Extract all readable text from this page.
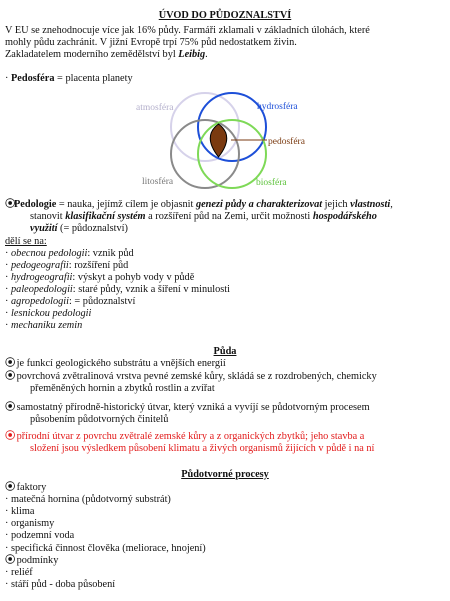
ÚVOD DO PŮDOZNALSTVÍ
V EU se znehodnocuje více jak 16% půdy. Farmáři zklamali v základních úlohách, které
mohly půdu zachránit. V jižní Evropě trpí 75% půd nedostatkem živin.
Zakladatelem moderního zemědělství byl Leibig.
· Pedosféra = placenta planety
atmosféra	hydrosféra
pedosféra
litosféra	biosféra
⦿Pedologie = nauka, jejímž cílem je objasnit genezi půdy a charakterizovat jejich vlastnosti,
stanovit klasifikační systém a rozšíření půd na Zemi, určit možnosti hospodářského
využití (= půdoznalství)
dělí se na:
· obecnou pedologii: vznik půd
· pedogeografii: rozšíření půd
· hydrogeografii: výskyt a pohyb vody v půdě
· paleopedologii: staré půdy, vznik a šíření v minulosti
· agropedologii: = půdoznalství
· lesnickou pedologii
· mechaniku zemin
Půda
⦿ je funkcí geologického substrátu a vnějších energií
⦿ povrchová zvětralinová vrstva pevné zemské kůry, skládá se z rozdrobených, chemicky
přeměněných hornin a zbytků rostlin a zvířat
⦿ samostatný přírodně-historický útvar, který vzniká a vyvíjí se půdotvorným procesem
působením půdotvorných činitelů
⦿ přírodní útvar z povrchu zvětralé zemské kůry a z organických zbytků; jeho stavba a
složení jsou výsledkem působení klimatu a živých organismů žijících v půdě i na ní
Půdotvorné procesy
⦿ faktory
· matečná hornina (půdotvorný substrát)
· klima
· organismy
· podzemní voda
· specifická činnost člověka (meliorace, hnojení)
⦿ podmínky
· reliéf
· stáří půd - doba působení
